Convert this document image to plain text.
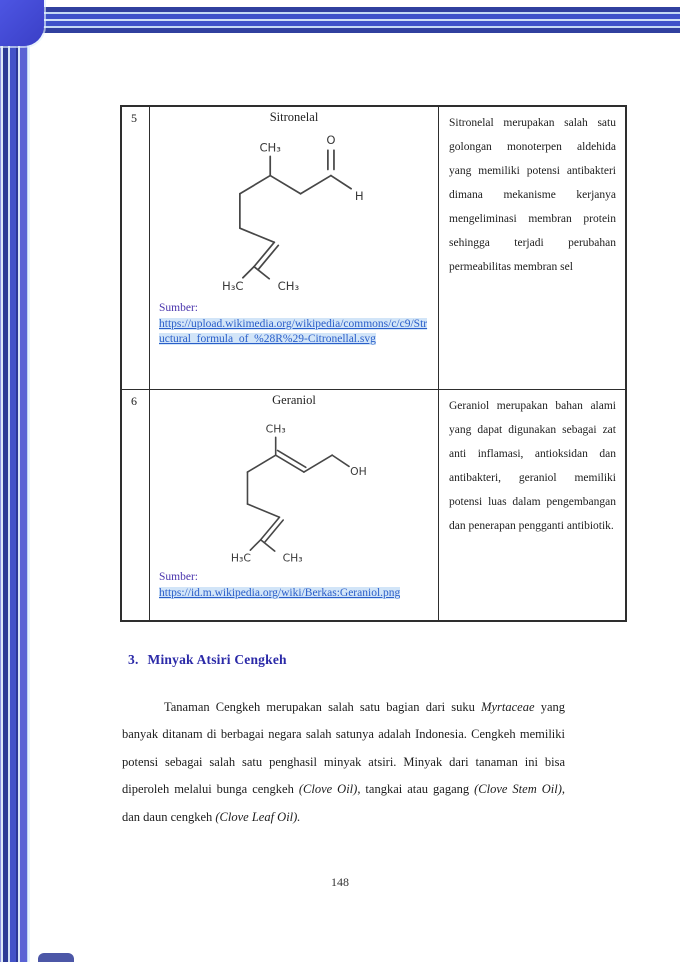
5	Sitronelal
CH₃
O
H
H₃C	CH₃
Sumber:
https://upload.wikimedia.org/wikipedia/commons/c/c9/Structural_formula_of_%28R%29-Citronellal.svg
Sitronelal merupakan salah satu golongan monoterpen aldehida yang memiliki potensi antibakteri dimana mekanisme kerjanya mengeliminasi membran protein sehingga terjadi perubahan permeabilitas membran sel
6	Geraniol
CH₃
OH
H₃C	CH₃
Sumber:
https://id.m.wikipedia.org/wiki/Berkas:Geraniol.png
Geraniol merupakan bahan alami yang dapat digunakan sebagai zat anti inflamasi, antioksidan dan antibakteri, geraniol memiliki potensi luas dalam pengembangan dan penerapan pengganti antibiotik.
3. Minyak Atsiri Cengkeh

Tanaman Cengkeh merupakan salah satu bagian dari suku Myrtaceae yang banyak ditanam di berbagai negara salah satunya adalah Indonesia. Cengkeh memiliki potensi sebagai salah satu penghasil minyak atsiri. Minyak dari tanaman ini bisa diperoleh melalui bunga cengkeh (Clove Oil), tangkai atau gagang (Clove Stem Oil), dan daun cengkeh (Clove Leaf Oil).

148
